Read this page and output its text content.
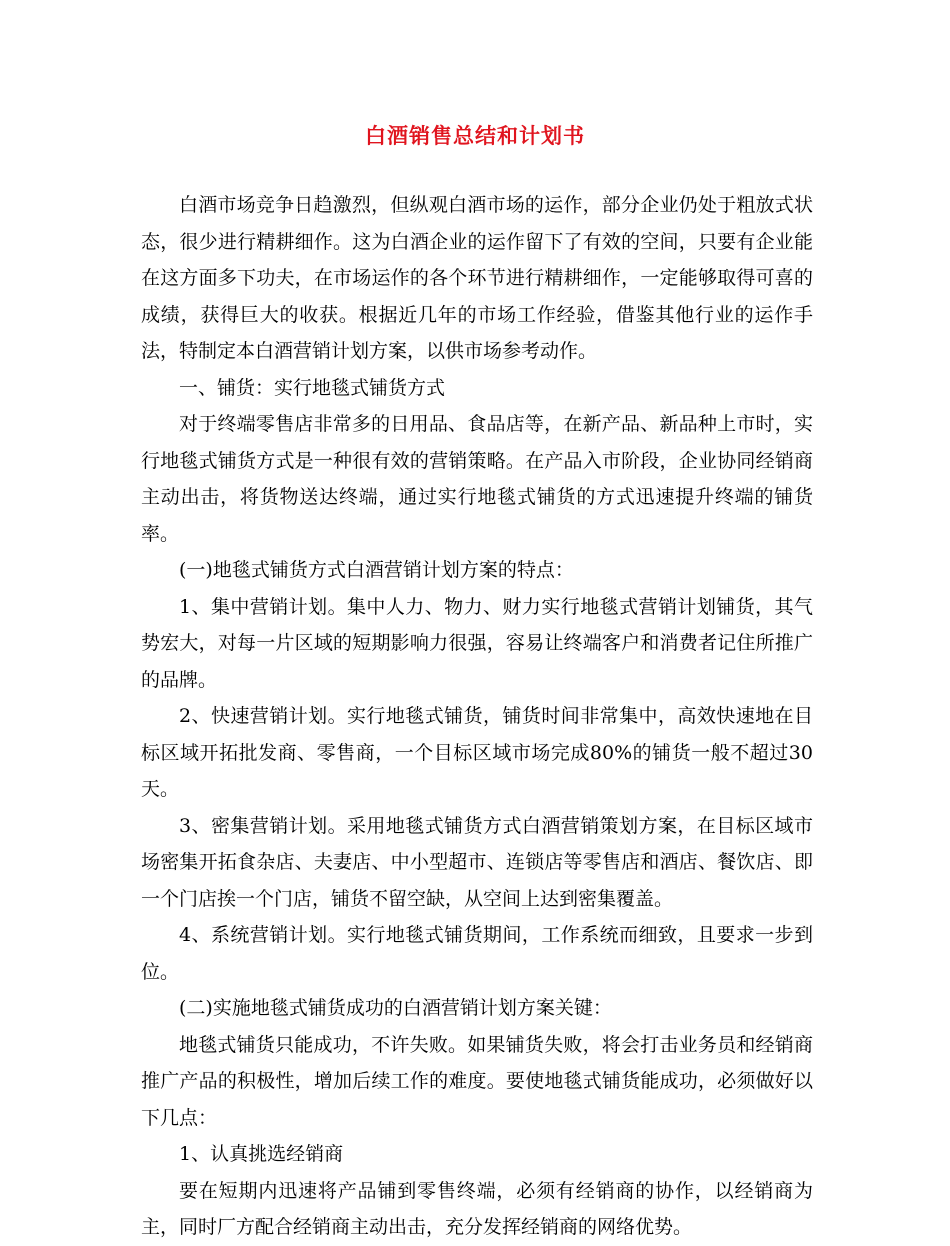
白酒销售总结和计划书

白酒市场竞争日趋激烈，但纵观白酒市场的运作，部分企业仍处于粗放式状态，很少进行精耕细作。这为白酒企业的运作留下了有效的空间，只要有企业能在这方面多下功夫，在市场运作的各个环节进行精耕细作，一定能够取得可喜的成绩，获得巨大的收获。根据近几年的市场工作经验，借鉴其他行业的运作手法，特制定本白酒营销计划方案，以供市场参考动作。

一、铺货：实行地毯式铺货方式

对于终端零售店非常多的日用品、食品店等，在新产品、新品种上市时，实行地毯式铺货方式是一种很有效的营销策略。在产品入市阶段，企业协同经销商主动出击，将货物送达终端，通过实行地毯式铺货的方式迅速提升终端的铺货率。

(一)地毯式铺货方式白酒营销计划方案的特点：

1、集中营销计划。集中人力、物力、财力实行地毯式营销计划铺货，其气势宏大，对每一片区域的短期影响力很强，容易让终端客户和消费者记住所推广的品牌。

2、快速营销计划。实行地毯式铺货，铺货时间非常集中，高效快速地在目标区域开拓批发商、零售商，一个目标区域市场完成80%的铺货一般不超过30天。

3、密集营销计划。采用地毯式铺货方式白酒营销策划方案，在目标区域市场密集开拓食杂店、夫妻店、中小型超市、连锁店等零售店和酒店、餐饮店、即一个门店挨一个门店，铺货不留空缺，从空间上达到密集覆盖。

4、系统营销计划。实行地毯式铺货期间，工作系统而细致，且要求一步到位。

(二)实施地毯式铺货成功的白酒营销计划方案关键：

地毯式铺货只能成功，不许失败。如果铺货失败，将会打击业务员和经销商推广产品的积极性，增加后续工作的难度。要使地毯式铺货能成功，必须做好以下几点：

1、认真挑选经销商

要在短期内迅速将产品铺到零售终端，必须有经销商的协作，以经销商为主，同时厂方配合经销商主动出击，充分发挥经销商的网络优势。
